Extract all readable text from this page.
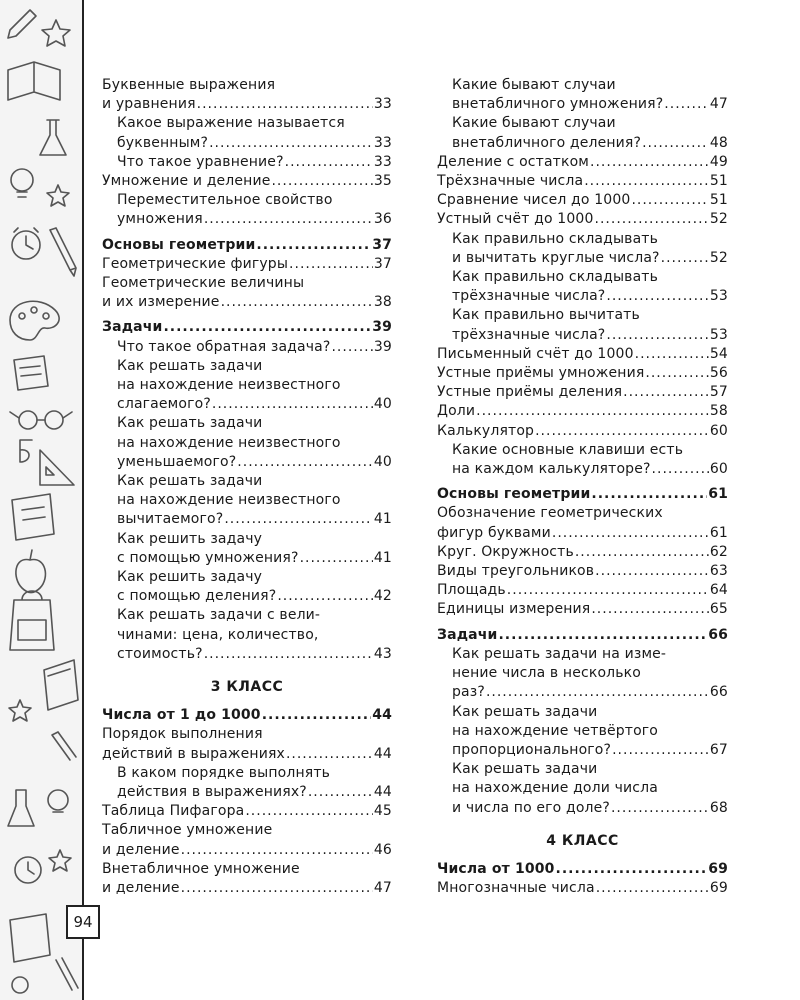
94
Буквенные выражения
и уравнения .....	33
Какое выражение называется
буквенным? .....	33
Что такое уравнение? .....	33
Умножение и деление .....	35
Переместительное свойство
умножения .....	36
Основы геометрии .....	37
Геометрические фигуры .....	37
Геометрические величины
и их измерение .....	38
Задачи .....	39
Что такое обратная задача? .....	39
Как решать задачи
на нахождение неизвестного
слагаемого? .....	40
Как решать задачи
на нахождение неизвестного
уменьшаемого? .....	40
Как решать задачи
на нахождение неизвестного
вычитаемого? .....	41
Как решить задачу
с помощью умножения? .....	41
Как решить задачу
с помощью деления? .....	42
Как решать задачи с вели-
чинами: цена, количество,
стоимость? .....	43
3 КЛАСС
Числа от 1 до 1000 .....	44
Порядок выполнения
действий в выражениях .....	44
В каком порядке выполнять
действия в выражениях? .....	44
Таблица Пифагора .....	45
Табличное умножение
и деление .....	46
Внетабличное умножение
и деление .....	47
Какие бывают случаи
внетабличного умножения? .....	47
Какие бывают случаи
внетабличного деления? .....	48
Деление с остатком .....	49
Трёхзначные числа .....	51
Сравнение чисел до 1000 .....	51
Устный счёт до 1000 .....	52
Как правильно складывать
и вычитать круглые числа? .....	52
Как правильно складывать
трёхзначные числа? .....	53
Как правильно вычитать
трёхзначные числа? .....	53
Письменный счёт до 1000 .....	54
Устные приёмы умножения .....	56
Устные приёмы деления .....	57
Доли .....	58
Калькулятор .....	60
Какие основные клавиши есть
на каждом калькуляторе? .....	60
Основы геометрии .....	61
Обозначение геометрических
фигур буквами .....	61
Круг. Окружность .....	62
Виды треугольников .....	63
Площадь .....	64
Единицы измерения .....	65
Задачи .....	66
Как решать задачи на изме-
нение числа в несколько
раз? .....	66
Как решать задачи
на нахождение четвёртого
пропорционального? .....	67
Как решать задачи
на нахождение доли числа
и числа по его доле? .....	68
4 КЛАСС
Числа от 1000 .....	69
Многозначные числа .....	69
